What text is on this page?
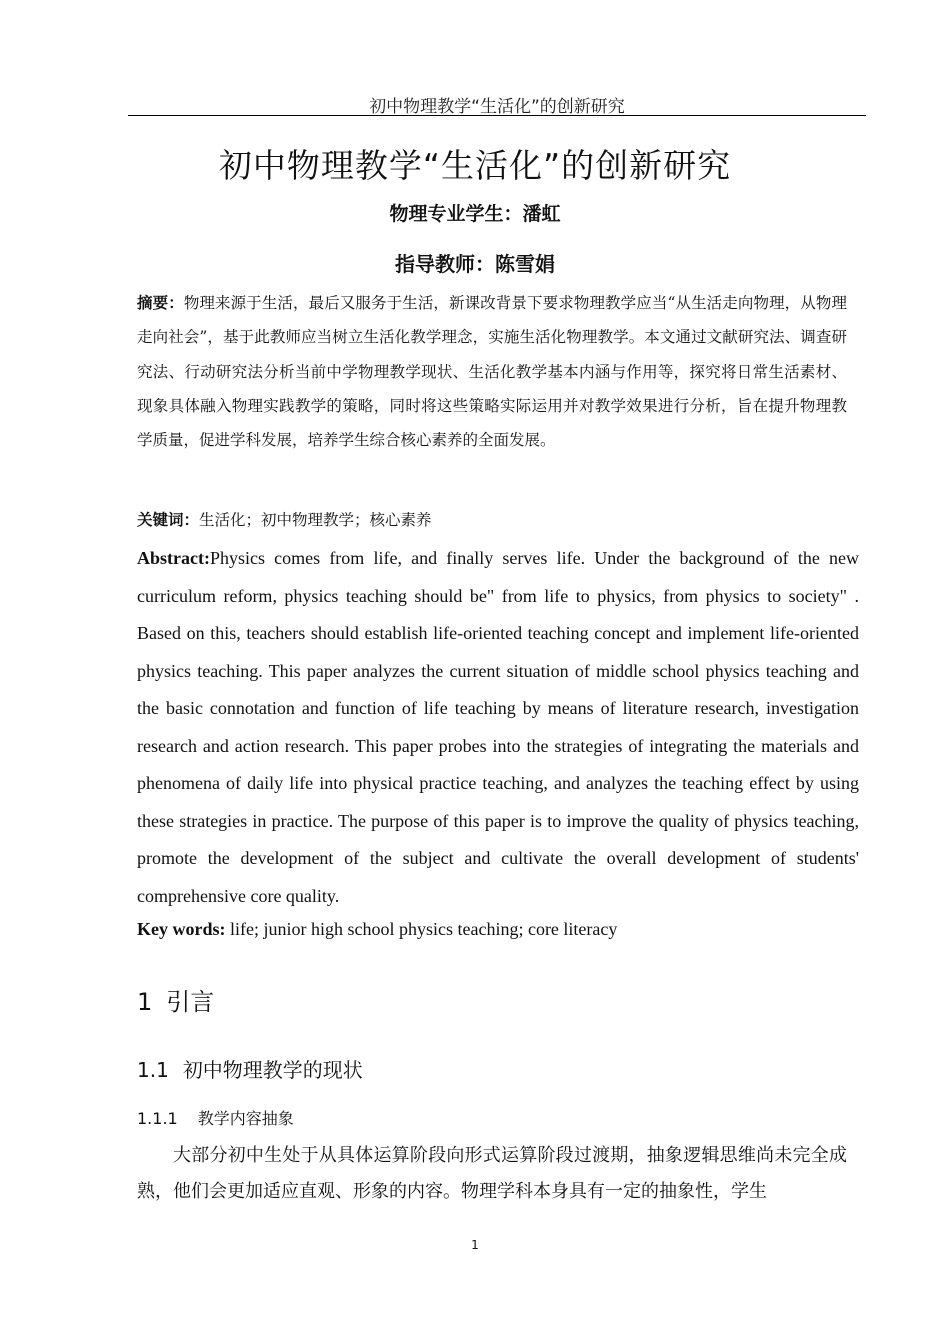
初中物理教学“生活化”的创新研究
初中物理教学“生活化”的创新研究
物理专业学生：潘虹
指导教师：陈雪娟
摘要：物理来源于生活，最后又服务于生活，新课改背景下要求物理教学应当“从生活走向物理，从物理走向社会”，基于此教师应当树立生活化教学理念，实施生活化物理教学。本文通过文献研究法、调查研究法、行动研究法分析当前中学物理教学现状、生活化教学基本内涵与作用等，探究将日常生活素材、现象具体融入物理实践教学的策略，同时将这些策略实际运用并对教学效果进行分析，旨在提升物理教学质量，促进学科发展，培养学生综合核心素养的全面发展。
关键词：生活化；初中物理教学；核心素养
Abstract:Physics comes from life, and finally serves life. Under the background of the new curriculum reform, physics teaching should be" from life to physics, from physics to society" . Based on this, teachers should establish life-oriented teaching concept and implement life-oriented physics teaching. This paper analyzes the current situation of middle school physics teaching and the basic connotation and function of life teaching by means of literature research, investigation research and action research. This paper probes into the strategies of integrating the materials and phenomena of daily life into physical practice teaching, and analyzes the teaching effect by using these strategies in practice. The purpose of this paper is to improve the quality of physics teaching, promote the development of the subject and cultivate the overall development of students' comprehensive core quality.
Key words: life; junior high school physics teaching; core literacy
1 引言
1.1 初中物理教学的现状
1.1.1 教学内容抽象
大部分初中生处于从具体运算阶段向形式运算阶段过渡期，抽象逻辑思维尚未完全成熟，他们会更加适应直观、形象的内容。物理学科本身具有一定的抽象性，学生
1
